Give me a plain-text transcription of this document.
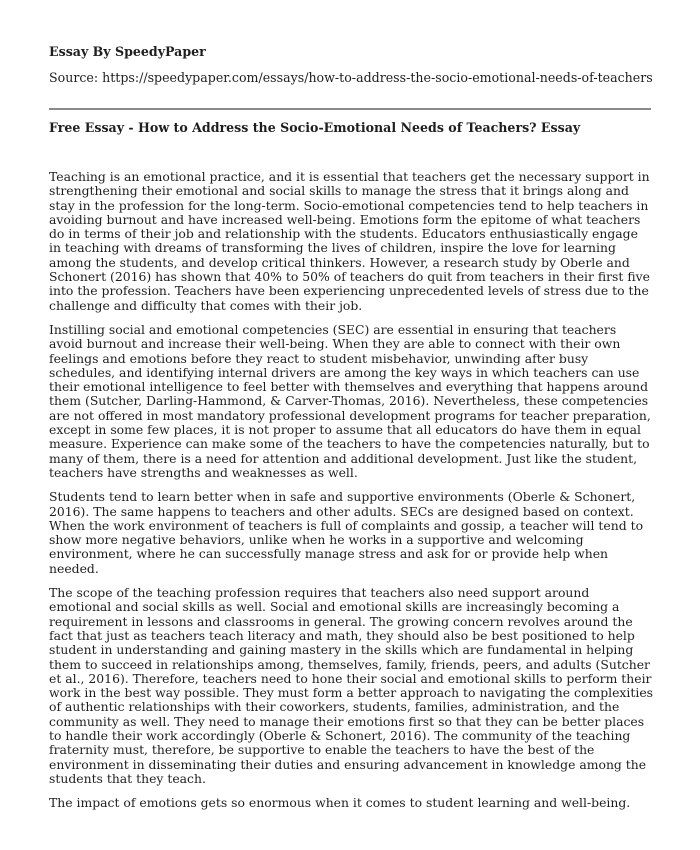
Essay By SpeedyPaper
Source: https://speedypaper.com/essays/how-to-address-the-socio-emotional-needs-of-teachers
Free Essay - How to Address the Socio-Emotional Needs of Teachers? Essay

Teaching is an emotional practice, and it is essential that teachers get the necessary support in strengthening their emotional and social skills to manage the stress that it brings along and stay in the profession for the long-term. Socio-emotional competencies tend to help teachers in avoiding burnout and have increased well-being. Emotions form the epitome of what teachers do in terms of their job and relationship with the students. Educators enthusiastically engage in teaching with dreams of transforming the lives of children, inspire the love for learning among the students, and develop critical thinkers. However, a research study by Oberle and Schonert (2016) has shown that 40% to 50% of teachers do quit from teachers in their first five into the profession. Teachers have been experiencing unprecedented levels of stress due to the challenge and difficulty that comes with their job.

Instilling social and emotional competencies (SEC) are essential in ensuring that teachers avoid burnout and increase their well-being. When they are able to connect with their own feelings and emotions before they react to student misbehavior, unwinding after busy schedules, and identifying internal drivers are among the key ways in which teachers can use their emotional intelligence to feel better with themselves and everything that happens around them (Sutcher, Darling-Hammond, & Carver-Thomas, 2016). Nevertheless, these competencies are not offered in most mandatory professional development programs for teacher preparation, except in some few places, it is not proper to assume that all educators do have them in equal measure. Experience can make some of the teachers to have the competencies naturally, but to many of them, there is a need for attention and additional development. Just like the student, teachers have strengths and weaknesses as well.

Students tend to learn better when in safe and supportive environments (Oberle & Schonert, 2016). The same happens to teachers and other adults. SECs are designed based on context. When the work environment of teachers is full of complaints and gossip, a teacher will tend to show more negative behaviors, unlike when he works in a supportive and welcoming environment, where he can successfully manage stress and ask for or provide help when needed.

The scope of the teaching profession requires that teachers also need support around emotional and social skills as well. Social and emotional skills are increasingly becoming a requirement in lessons and classrooms in general. The growing concern revolves around the fact that just as teachers teach literacy and math, they should also be best positioned to help student in understanding and gaining mastery in the skills which are fundamental in helping them to succeed in relationships among, themselves, family, friends, peers, and adults (Sutcher et al., 2016). Therefore, teachers need to hone their social and emotional skills to perform their work in the best way possible. They must form a better approach to navigating the complexities of authentic relationships with their coworkers, students, families, administration, and the community as well. They need to manage their emotions first so that they can be better places to handle their work accordingly (Oberle & Schonert, 2016). The community of the teaching fraternity must, therefore, be supportive to enable the teachers to have the best of the environment in disseminating their duties and ensuring advancement in knowledge among the students that they teach.

The impact of emotions gets so enormous when it comes to student learning and well-being.
